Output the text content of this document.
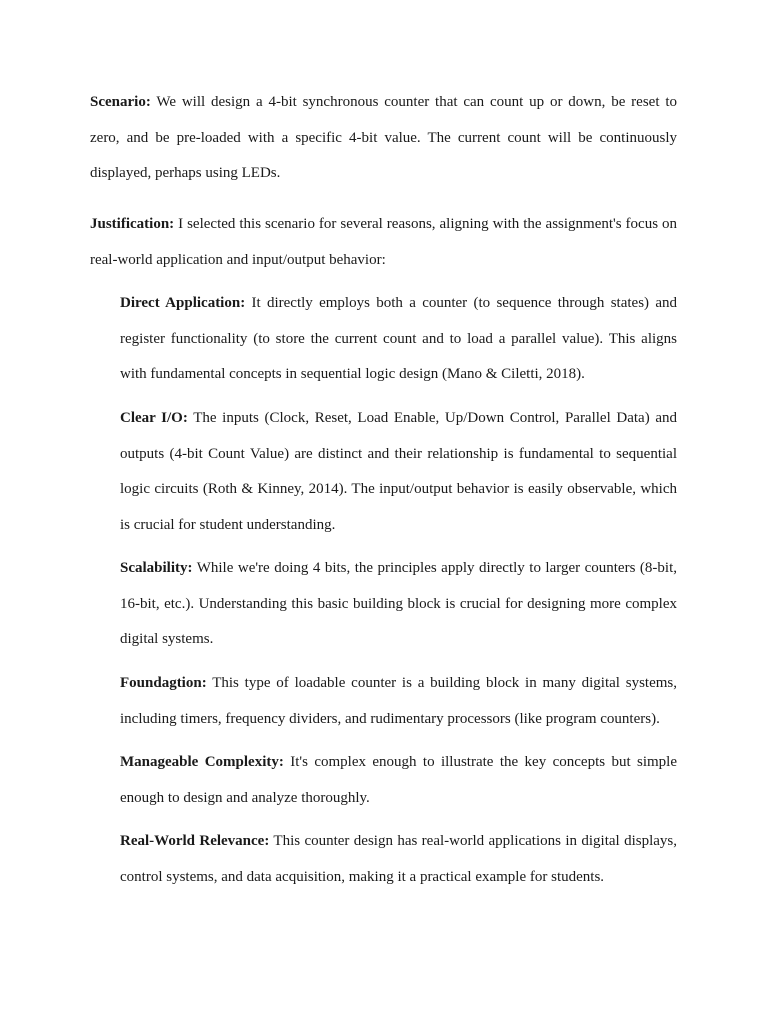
Scenario: We will design a 4-bit synchronous counter that can count up or down, be reset to zero, and be pre-loaded with a specific 4-bit value. The current count will be continuously displayed, perhaps using LEDs.

Justification: I selected this scenario for several reasons, aligning with the assignment's focus on real-world application and input/output behavior:

Direct Application: It directly employs both a counter (to sequence through states) and register functionality (to store the current count and to load a parallel value). This aligns with fundamental concepts in sequential logic design (Mano & Ciletti, 2018).

Clear I/O: The inputs (Clock, Reset, Load Enable, Up/Down Control, Parallel Data) and outputs (4-bit Count Value) are distinct and their relationship is fundamental to sequential logic circuits (Roth & Kinney, 2014). The input/output behavior is easily observable, which is crucial for student understanding.

Scalability: While we're doing 4 bits, the principles apply directly to larger counters (8-bit, 16-bit, etc.). Understanding this basic building block is crucial for designing more complex digital systems.

Foundagtion: This type of loadable counter is a building block in many digital systems, including timers, frequency dividers, and rudimentary processors (like program counters).

Manageable Complexity: It's complex enough to illustrate the key concepts but simple enough to design and analyze thoroughly.

Real-World Relevance: This counter design has real-world applications in digital displays, control systems, and data acquisition, making it a practical example for students.
